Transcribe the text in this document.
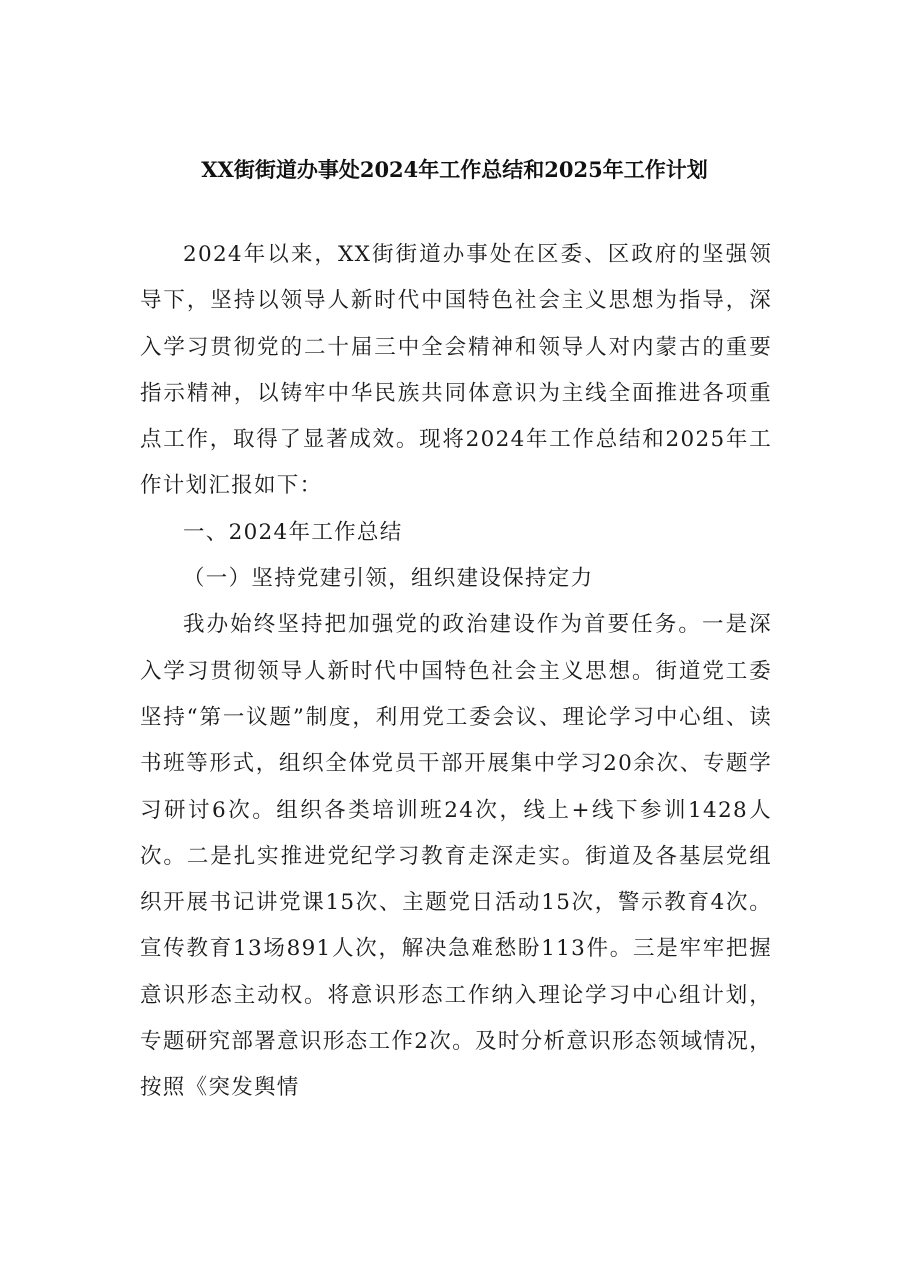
XX街街道办事处2024年工作总结和2025年工作计划

2024年以来，XX街街道办事处在区委、区政府的坚强领导下，坚持以领导人新时代中国特色社会主义思想为指导，深入学习贯彻党的二十届三中全会精神和领导人对内蒙古的重要指示精神，以铸牢中华民族共同体意识为主线全面推进各项重点工作，取得了显著成效。现将2024年工作总结和2025年工作计划汇报如下：

一、2024年工作总结

（一）坚持党建引领，组织建设保持定力

我办始终坚持把加强党的政治建设作为首要任务。一是深入学习贯彻领导人新时代中国特色社会主义思想。街道党工委坚持“第一议题”制度，利用党工委会议、理论学习中心组、读书班等形式，组织全体党员干部开展集中学习20余次、专题学习研讨6次。组织各类培训班24次，线上+线下参训1428人次。二是扎实推进党纪学习教育走深走实。街道及各基层党组织开展书记讲党课15次、主题党日活动15次，警示教育4次。宣传教育13场891人次，解决急难愁盼113件。三是牢牢把握意识形态主动权。将意识形态工作纳入理论学习中心组计划，专题研究部署意识形态工作2次。及时分析意识形态领域情况，按照《突发舆情
